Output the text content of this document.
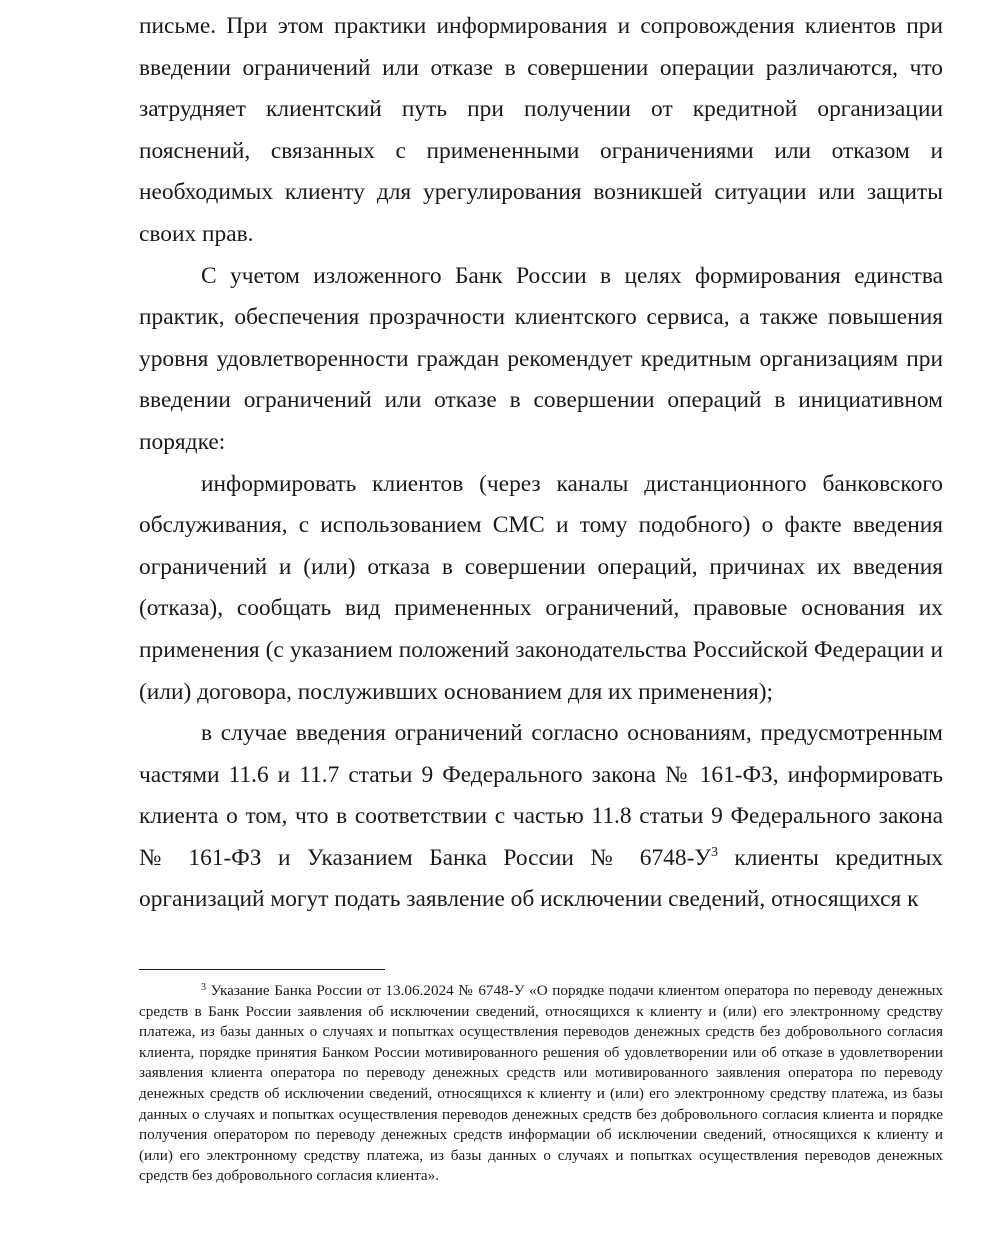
письме. При этом практики информирования и сопровождения клиентов при введении ограничений или отказе в совершении операции различаются, что затрудняет клиентский путь при получении от кредитной организации пояснений, связанных с примененными ограничениями или отказом и необходимых клиенту для урегулирования возникшей ситуации или защиты своих прав.

С учетом изложенного Банк России в целях формирования единства практик, обеспечения прозрачности клиентского сервиса, а также повышения уровня удовлетворенности граждан рекомендует кредитным организациям при введении ограничений или отказе в совершении операций в инициативном порядке:

информировать клиентов (через каналы дистанционного банковского обслуживания, с использованием СМС и тому подобного) о факте введения ограничений и (или) отказа в совершении операций, причинах их введения (отказа), сообщать вид примененных ограничений, правовые основания их применения (с указанием положений законодательства Российской Федерации и (или) договора, послуживших основанием для их применения);

в случае введения ограничений согласно основаниям, предусмотренным частями 11.6 и 11.7 статьи 9 Федерального закона № 161-ФЗ, информировать клиента о том, что в соответствии с частью 11.8 статьи 9 Федерального закона № 161-ФЗ и Указанием Банка России № 6748-У$^3$ клиенты кредитных организаций могут подать заявление об исключении сведений, относящихся к

$^3$ Указание Банка России от 13.06.2024 № 6748-У «О порядке подачи клиентом оператора по переводу денежных средств в Банк России заявления об исключении сведений, относящихся к клиенту и (или) его электронному средству платежа, из базы данных о случаях и попытках осуществления переводов денежных средств без добровольного согласия клиента, порядке принятия Банком России мотивированного решения об удовлетворении или об отказе в удовлетворении заявления клиента оператора по переводу денежных средств или мотивированного заявления оператора по переводу денежных средств об исключении сведений, относящихся к клиенту и (или) его электронному средству платежа, из базы данных о случаях и попытках осуществления переводов денежных средств без добровольного согласия клиента и порядке получения оператором по переводу денежных средств информации об исключении сведений, относящихся к клиенту и (или) его электронному средству платежа, из базы данных о случаях и попытках осуществления переводов денежных средств без добровольного согласия клиента».
